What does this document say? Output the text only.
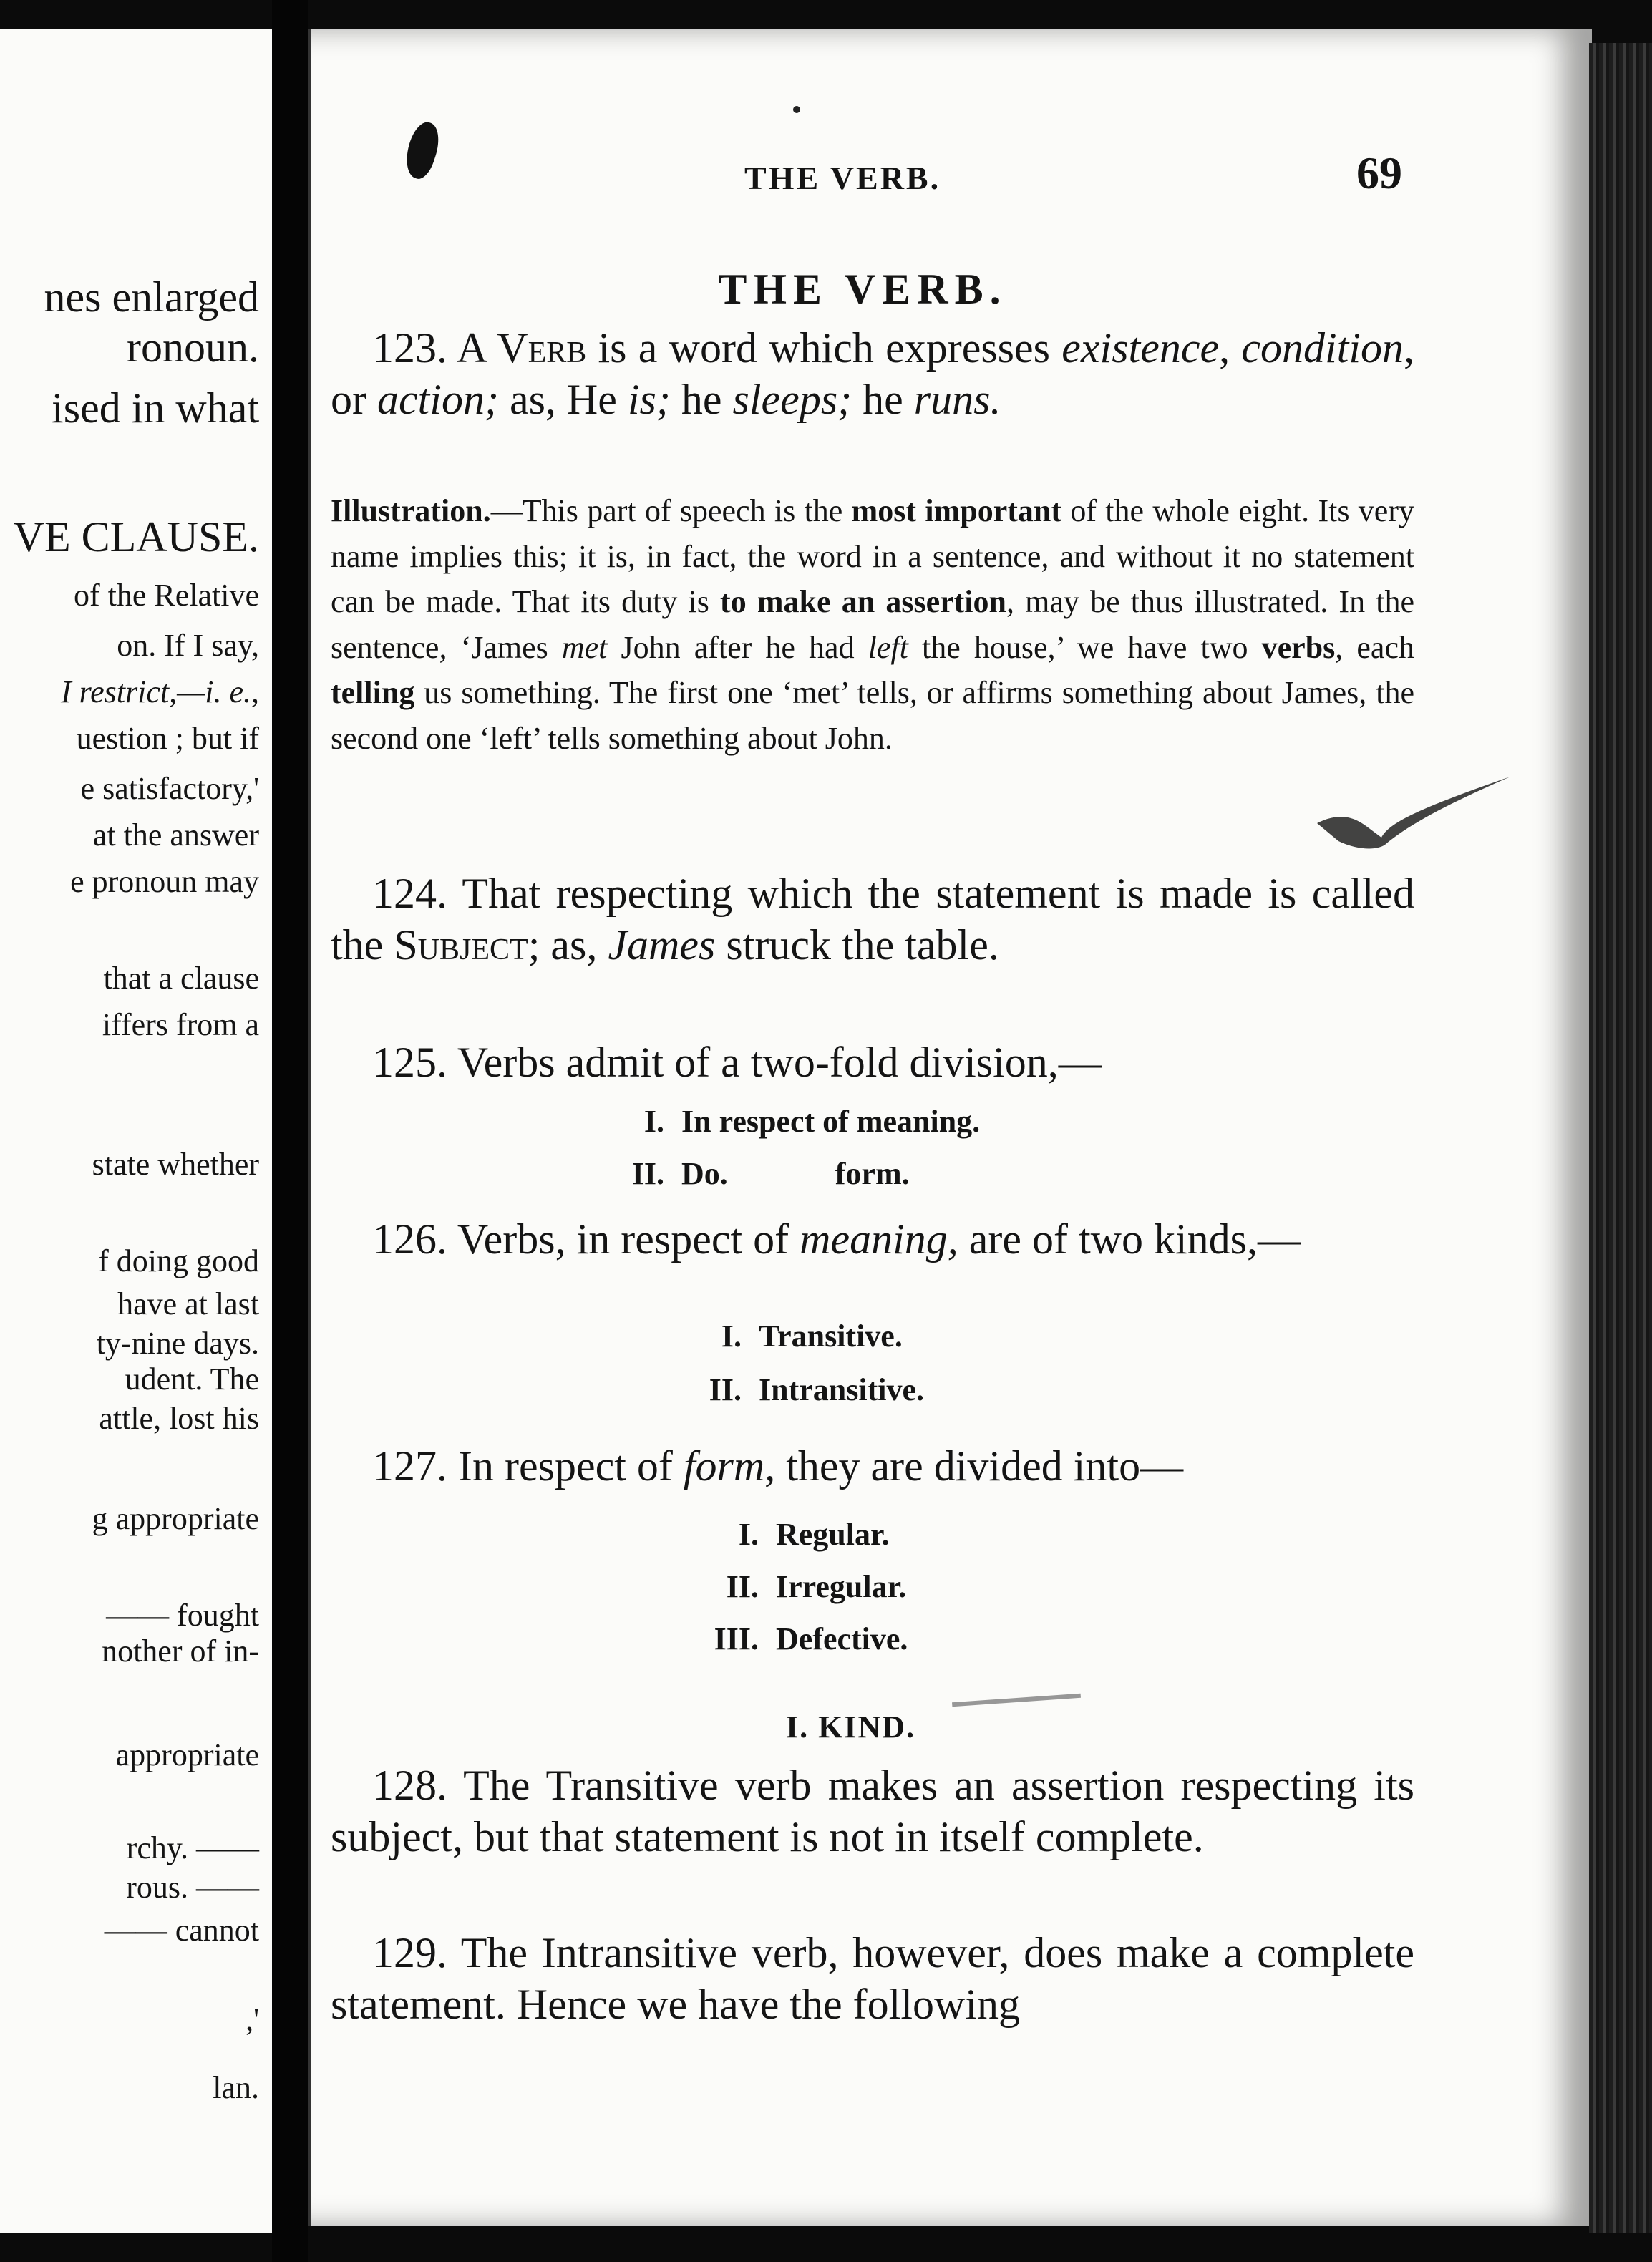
nes enlarged
ronoun.
ised in what
VE CLAUSE.
of the Relative
on. If I say,
I restrict,—i. e.,
uestion ; but if
e satisfactory,'
at the answer
e pronoun may
that a clause
iffers from a
state whether
f doing good
have at last
ty-nine days.
udent. The
attle, lost his
g appropriate
—— fought
nother of in-
appropriate
rchy. ——
rous. ——
—— cannot
,'
lan.
THE VERB.	69
THE VERB.
123. A Verb is a word which expresses existence, condition, or action; as, He is; he sleeps; he runs.
Illustration.—This part of speech is the most important of the whole eight. Its very name implies this; it is, in fact, the word in a sentence, and without it no statement can be made. That its duty is to make an assertion, may be thus illustrated. In the sentence, ‘James met John after he had left the house,’ we have two verbs, each telling us something. The first one ‘met’ tells, or affirms something about James, the second one ‘left’ tells something about John.
124. That respecting which the statement is made is called the Subject; as, James struck the table.
125. Verbs admit of a two-fold division,—
I. In respect of meaning.
II. Do.	form.
126. Verbs, in respect of meaning, are of two kinds,—
I. Transitive.
II. Intransitive.
127. In respect of form, they are divided into—
I. Regular.
II. Irregular.
III. Defective.
I. KIND.
128. The Transitive verb makes an assertion respecting its subject, but that statement is not in itself complete.
129. The Intransitive verb, however, does make a complete statement. Hence we have the following
